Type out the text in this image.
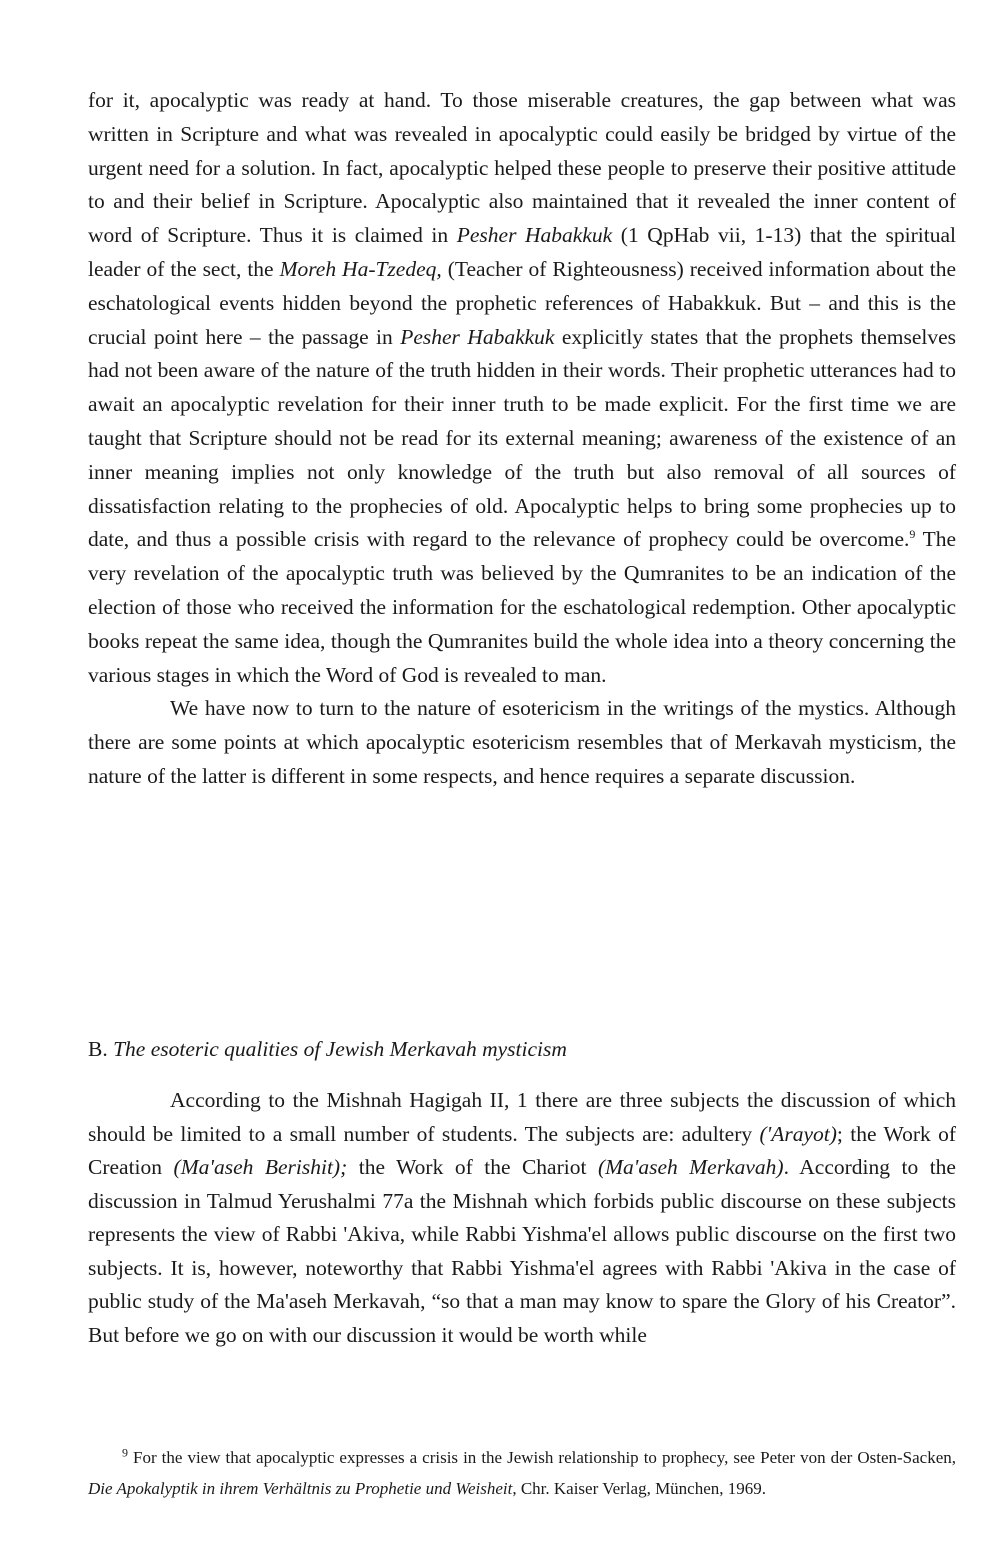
for it, apocalyptic was ready at hand. To those miserable creatures, the gap between what was written in Scripture and what was revealed in apocalyptic could easily be bridged by virtue of the urgent need for a solution. In fact, apocalyptic helped these people to preserve their positive attitude to and their belief in Scripture. Apocalyptic also maintained that it revealed the inner content of word of Scripture. Thus it is claimed in Pesher Habakkuk (1 QpHab vii, 1-13) that the spiritual leader of the sect, the Moreh Ha-Tzedeq, (Teacher of Righteousness) received information about the eschatological events hidden beyond the prophetic references of Habakkuk. But – and this is the crucial point here – the passage in Pesher Habakkuk explicitly states that the prophets themselves had not been aware of the nature of the truth hidden in their words. Their prophetic utterances had to await an apocalyptic revelation for their inner truth to be made explicit. For the first time we are taught that Scripture should not be read for its external meaning; awareness of the existence of an inner meaning implies not only knowledge of the truth but also removal of all sources of dissatisfaction relating to the prophecies of old. Apocalyptic helps to bring some prophecies up to date, and thus a possible crisis with regard to the relevance of prophecy could be overcome.$^9$ The very revelation of the apocalyptic truth was believed by the Qumranites to be an indication of the election of those who received the information for the eschatological redemption. Other apocalyptic books repeat the same idea, though the Qumranites build the whole idea into a theory concerning the various stages in which the Word of God is revealed to man.

We have now to turn to the nature of esotericism in the writings of the mystics. Although there are some points at which apocalyptic esotericism resembles that of Merkavah mysticism, the nature of the latter is different in some respects, and hence requires a separate discussion.

B. The esoteric qualities of Jewish Merkavah mysticism

According to the Mishnah Hagigah II, 1 there are three subjects the discussion of which should be limited to a small number of students. The subjects are: adultery ('Arayot); the Work of Creation (Ma'aseh Berishit); the Work of the Chariot (Ma'aseh Merkavah). According to the discussion in Talmud Yerushalmi 77a the Mishnah which forbids public discourse on these subjects represents the view of Rabbi 'Akiva, while Rabbi Yishma'el allows public discourse on the first two subjects. It is, however, noteworthy that Rabbi Yishma'el agrees with Rabbi 'Akiva in the case of public study of the Ma'aseh Merkavah, “so that a man may know to spare the Glory of his Creator”. But before we go on with our discussion it would be worth while

$^9$ For the view that apocalyptic expresses a crisis in the Jewish relationship to prophecy, see Peter von der Osten-Sacken, Die Apokalyptik in ihrem Verhältnis zu Prophetie und Weisheit, Chr. Kaiser Verlag, München, 1969.
